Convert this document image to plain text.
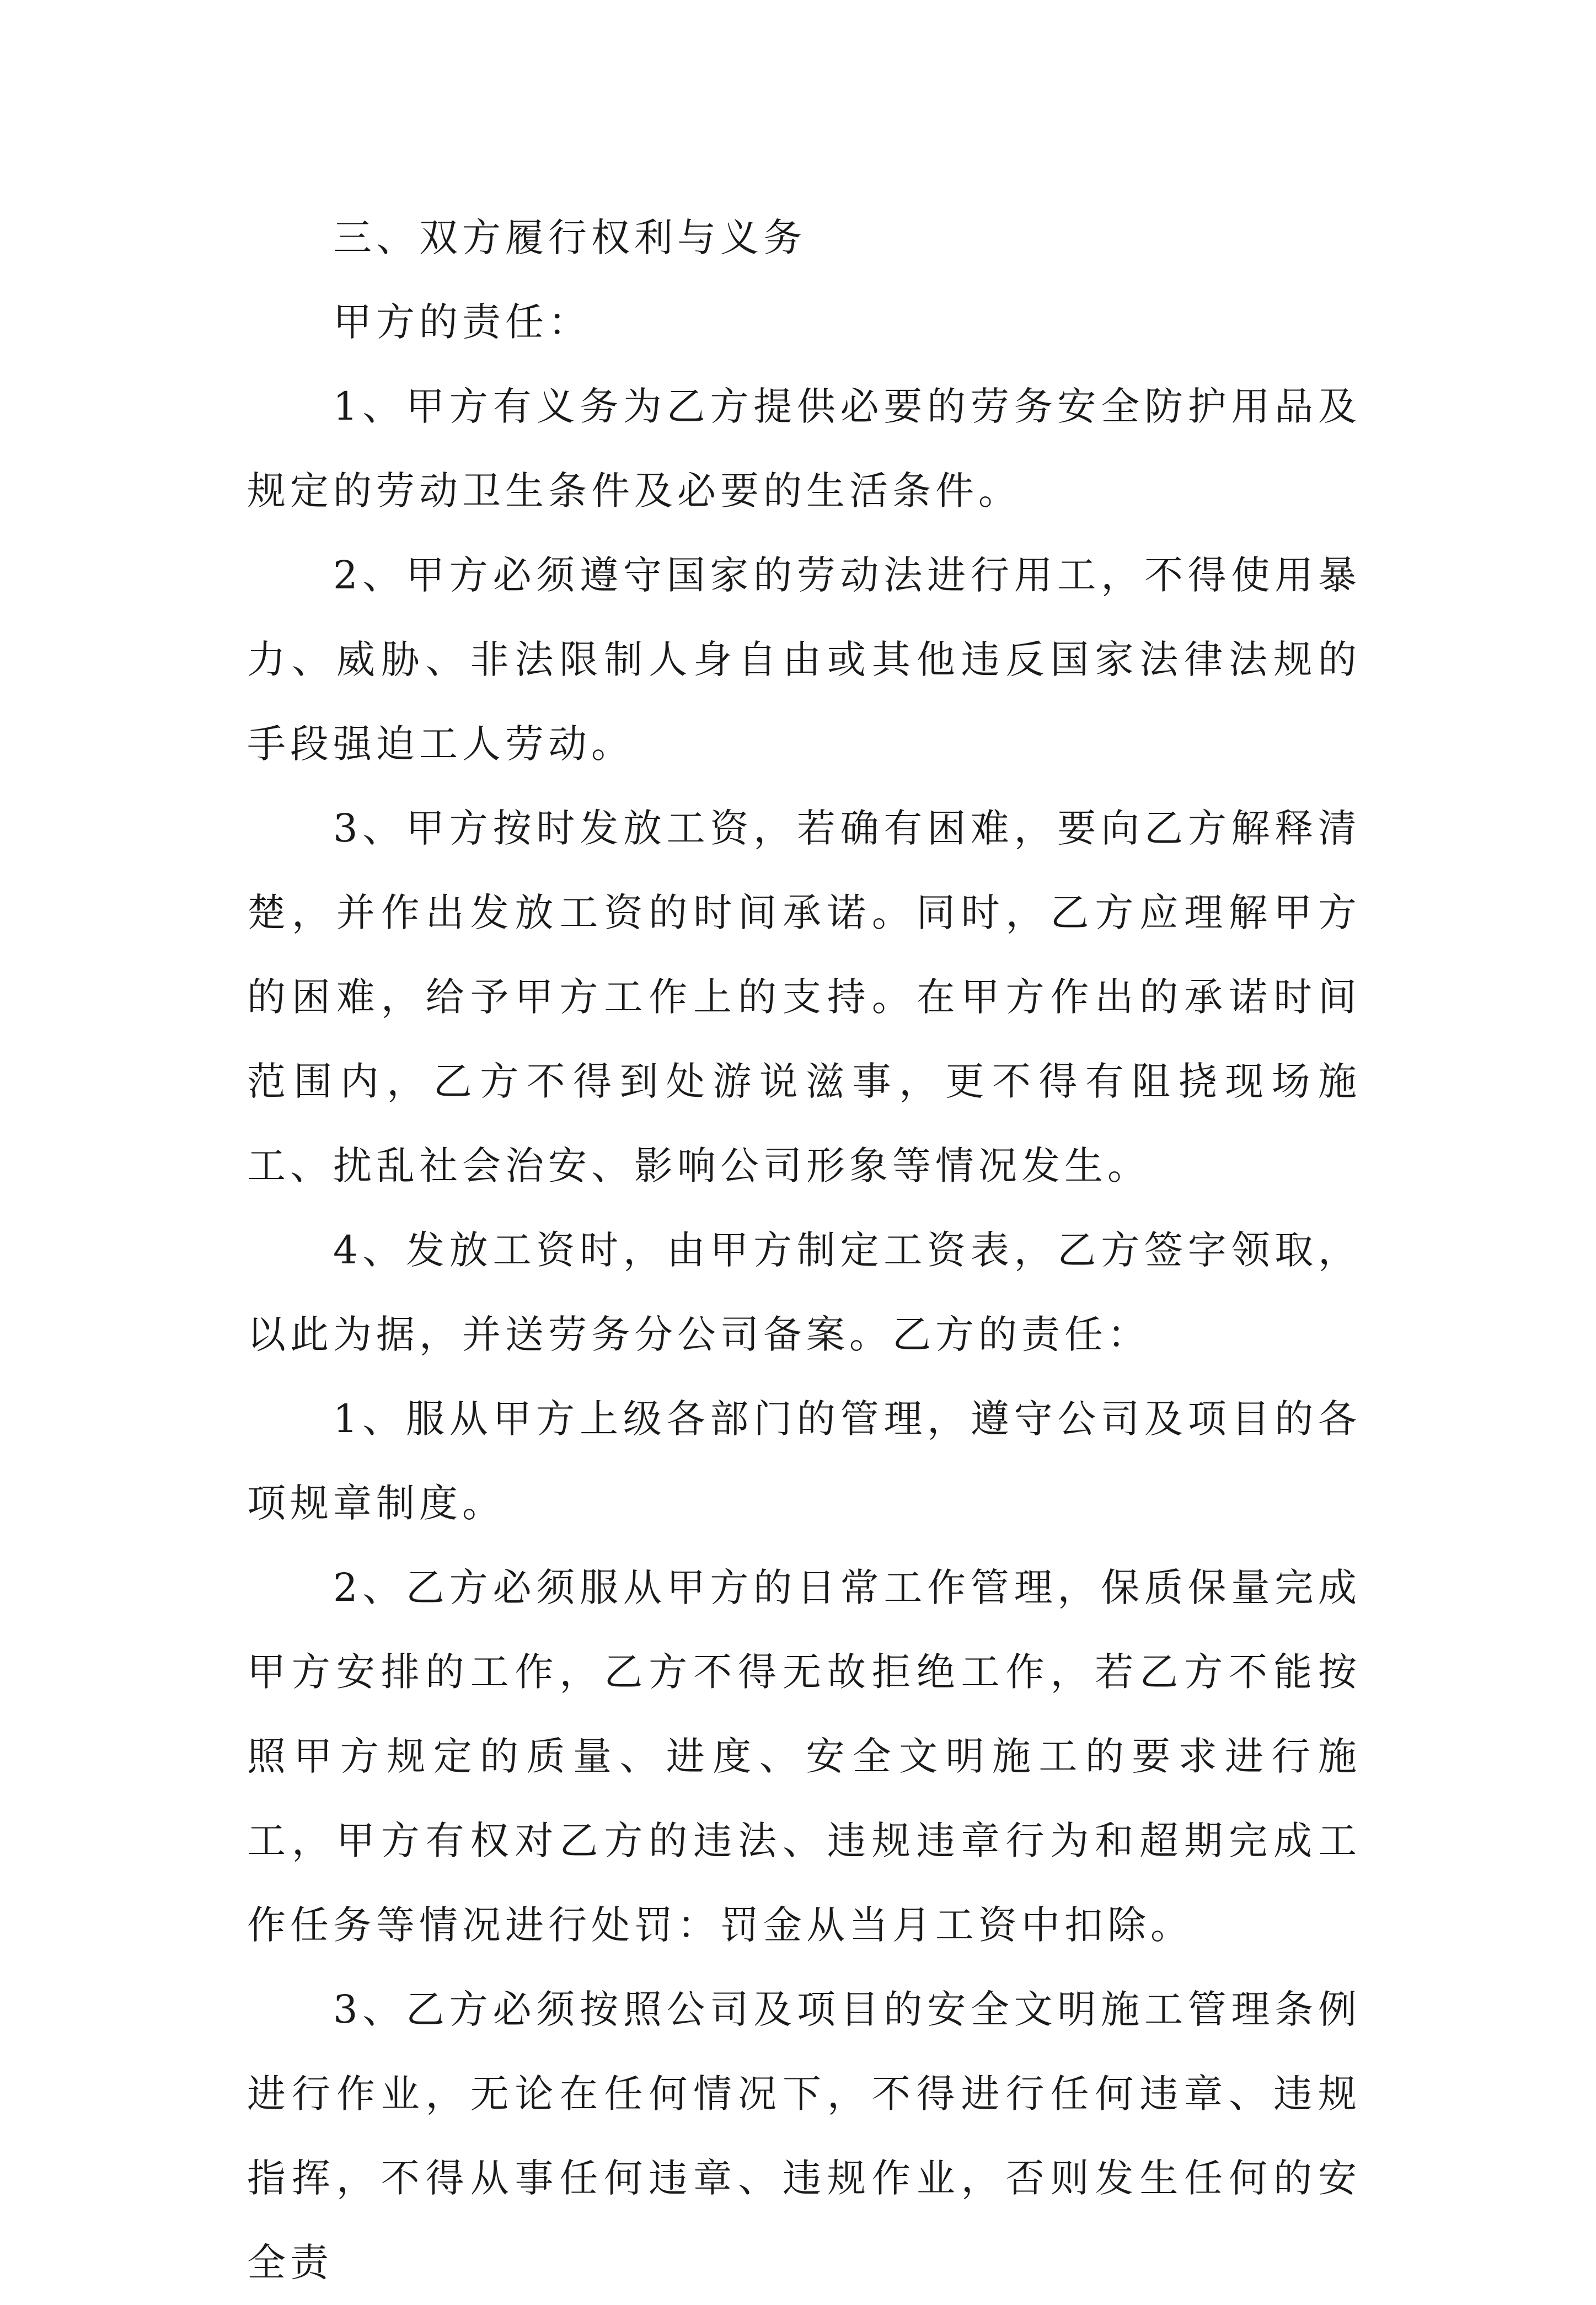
三、双方履行权利与义务

甲方的责任：

1、甲方有义务为乙方提供必要的劳务安全防护用品及规定的劳动卫生条件及必要的生活条件。

2、甲方必须遵守国家的劳动法进行用工，不得使用暴力、威胁、非法限制人身自由或其他违反国家法律法规的手段强迫工人劳动。

3、甲方按时发放工资，若确有困难，要向乙方解释清楚，并作出发放工资的时间承诺。同时，乙方应理解甲方的困难，给予甲方工作上的支持。在甲方作出的承诺时间范围内，乙方不得到处游说滋事，更不得有阻挠现场施工、扰乱社会治安、影响公司形象等情况发生。

4、发放工资时，由甲方制定工资表，乙方签字领取，以此为据，并送劳务分公司备案。乙方的责任：

1、服从甲方上级各部门的管理，遵守公司及项目的各项规章制度。

2、乙方必须服从甲方的日常工作管理，保质保量完成甲方安排的工作，乙方不得无故拒绝工作，若乙方不能按照甲方规定的质量、进度、安全文明施工的要求进行施工，甲方有权对乙方的违法、违规违章行为和超期完成工作任务等情况进行处罚：罚金从当月工资中扣除。

3、乙方必须按照公司及项目的安全文明施工管理条例进行作业，无论在任何情况下，不得进行任何违章、违规指挥，不得从事任何违章、违规作业，否则发生任何的安全责
